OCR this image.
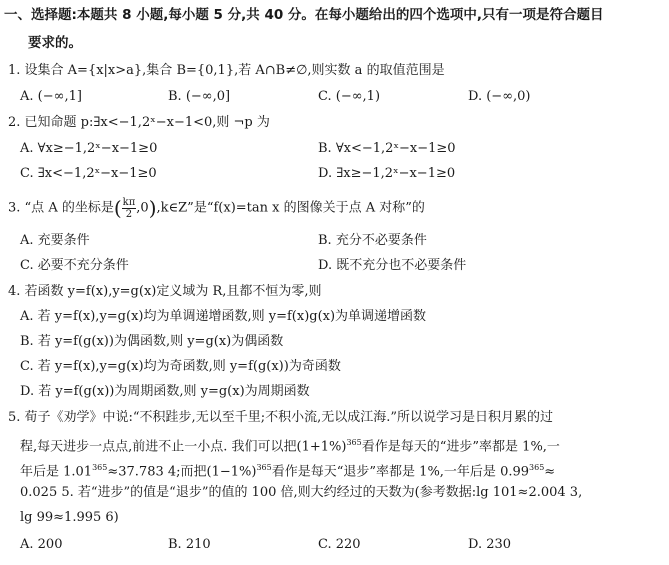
一、选择题:本题共 8 小题,每小题 5 分,共 40 分。在每小题给出的四个选项中,只有一项是符合题目
要求的。
1. 设集合 A={x|x>a},集合 B={0,1},若 A∩B≠∅,则实数 a 的取值范围是
A. (−∞,1]	B. (−∞,0]	C. (−∞,1)	D. (−∞,0)
2. 已知命题 p:∃x<−1,2ˣ−x−1<0,则 ¬p 为
A. ∀x≥−1,2ˣ−x−1≥0	B. ∀x<−1,2ˣ−x−1≥0
C. ∃x<−1,2ˣ−x−1≥0	D. ∃x≥−1,2ˣ−x−1≥0
3. “点 A 的坐标是( $\frac{k\pi}{2}$ ,0),k∈Z”是“f(x)=tan x 的图像关于点 A 对称”的
A. 充要条件	B. 充分不必要条件
C. 必要不充分条件	D. 既不充分也不必要条件
4. 若函数 y=f(x),y=g(x)定义域为 R,且都不恒为零,则
A. 若 y=f(x),y=g(x)均为单调递增函数,则 y=f(x)g(x)为单调递增函数
B. 若 y=f(g(x))为偶函数,则 y=g(x)为偶函数
C. 若 y=f(x),y=g(x)均为奇函数,则 y=f(g(x))为奇函数
D. 若 y=f(g(x))为周期函数,则 y=g(x)为周期函数
5. 荀子《劝学》中说:“不积跬步,无以至千里;不积小流,无以成江海.”所以说学习是日积月累的过
程,每天进步一点点,前进不止一小点. 我们可以把$(1+1\%)^{365}$看作是每天的“进步”率都是 1%,一
年后是 $1.01^{365}\approx 37.783$ 4;而把$(1-1\%)^{365}$看作是每天“退步”率都是 1%,一年后是 $0.99^{365}\approx$
0.025 5. 若“进步”的值是“退步”的值的 100 倍,则大约经过的天数为(参考数据:lg 101≈2.004 3,
lg 99≈1.995 6)
A. 200	B. 210	C. 220	D. 230
